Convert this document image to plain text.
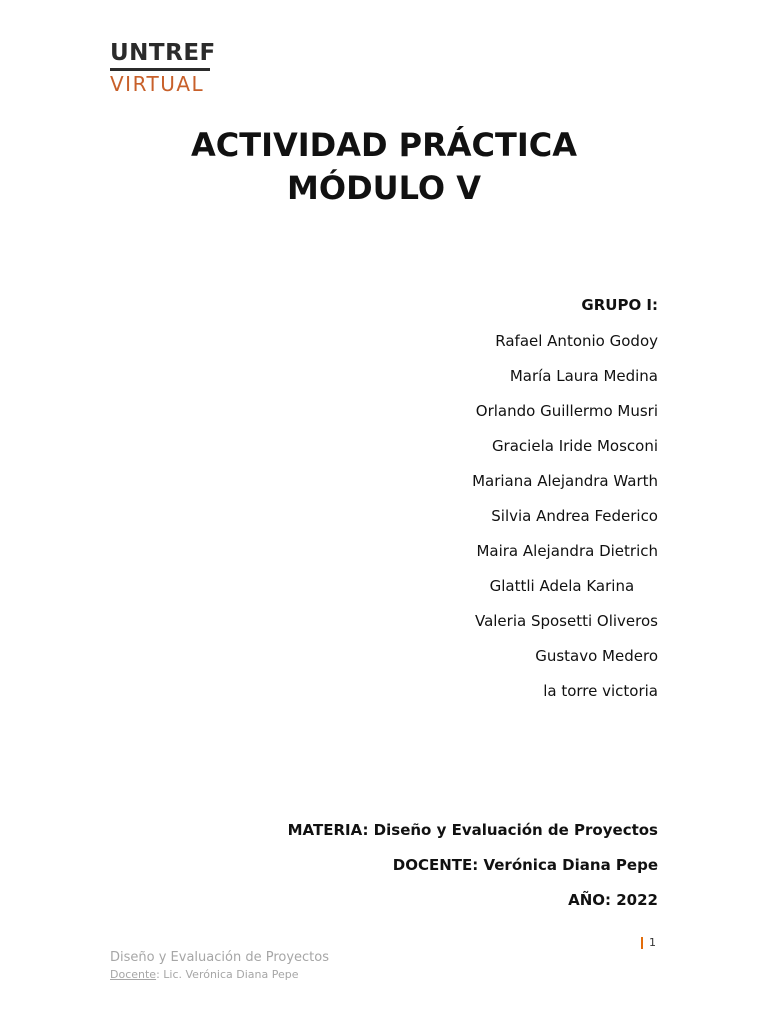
UNTREF
VIRTUAL
ACTIVIDAD PRÁCTICA
MÓDULO V
GRUPO I:
Rafael Antonio Godoy
María Laura Medina
Orlando Guillermo Musri
Graciela Iride Mosconi
Mariana Alejandra Warth
Silvia Andrea Federico
Maira Alejandra Dietrich
Glattli Adela Karina
Valeria Sposetti Oliveros
Gustavo Medero
la torre victoria
MATERIA: Diseño y Evaluación de Proyectos
DOCENTE: Verónica Diana Pepe
AÑO: 2022
1
Diseño y Evaluación de Proyectos
Docente: Lic. Verónica Diana Pepe
